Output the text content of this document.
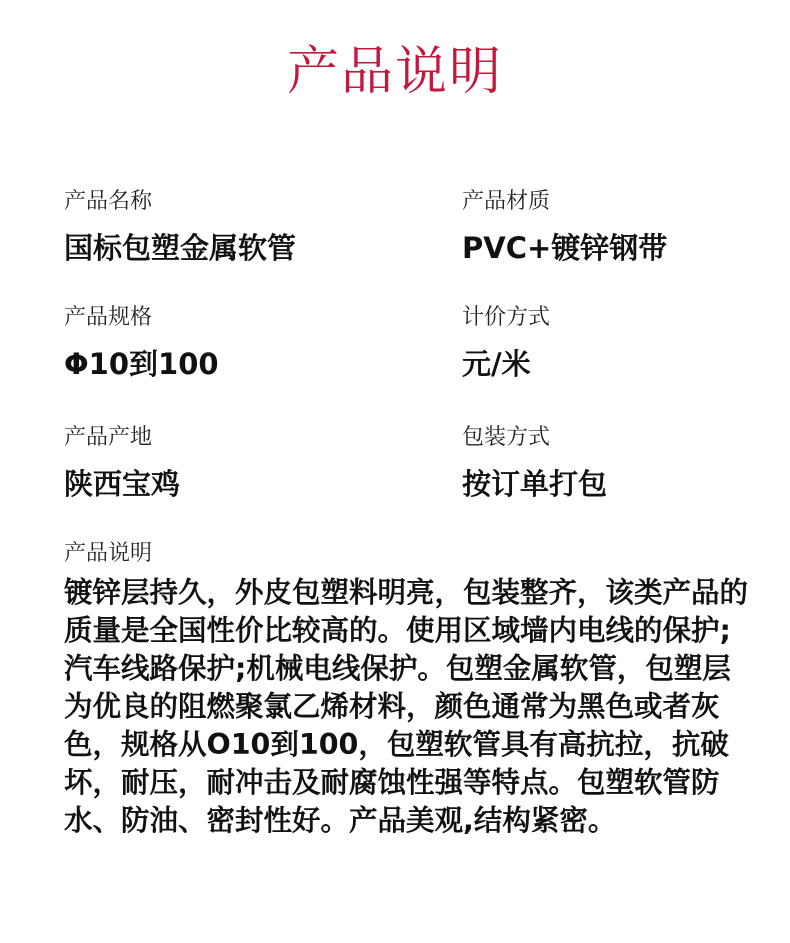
产品说明
产品名称
国标包塑金属软管
产品材质
PVC+镀锌钢带
产品规格
Φ10到100
计价方式
元/米
产品产地
陕西宝鸡
包装方式
按订单打包
产品说明
镀锌层持久，外皮包塑料明亮，包装整齐，该类产品的质量是全国性价比较高的。使用区域墙内电线的保护;汽车线路保护;机械电线保护。包塑金属软管，包塑层为优良的阻燃聚氯乙烯材料，颜色通常为黑色或者灰色，规格从O10到100，包塑软管具有高抗拉，抗破坏，耐压，耐冲击及耐腐蚀性强等特点。包塑软管防水、防油、密封性好。产品美观,结构紧密。
